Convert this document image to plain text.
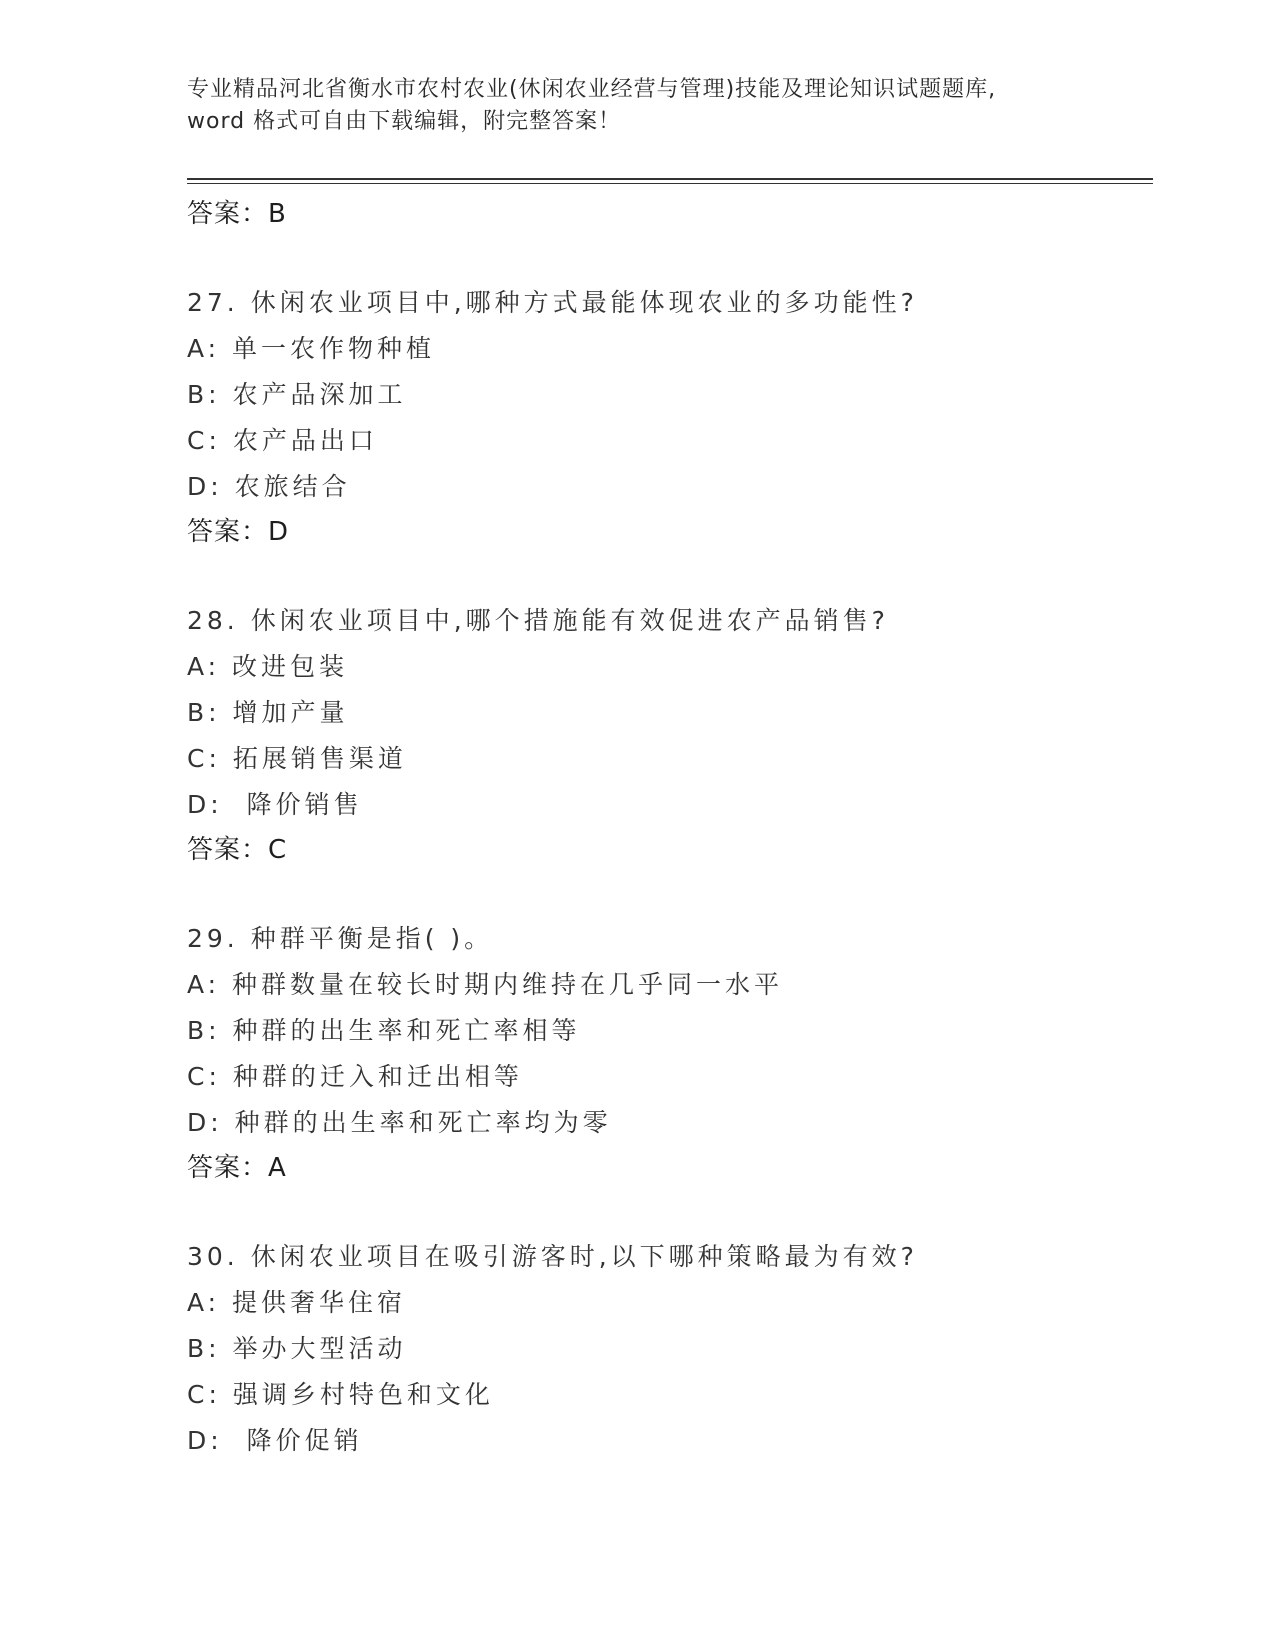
专业精品河北省衡水市农村农业(休闲农业经营与管理)技能及理论知识试题题库,
word 格式可自由下载编辑，附完整答案！
答案：B
27. 休闲农业项目中,哪种方式最能体现农业的多功能性?
A: 单一农作物种植
B: 农产品深加工
C: 农产品出口
D: 农旅结合
答案：D
28. 休闲农业项目中,哪个措施能有效促进农产品销售?
A: 改进包装
B: 增加产量
C: 拓展销售渠道
D:  降价销售
答案：C
29. 种群平衡是指( )。
A: 种群数量在较长时期内维持在几乎同一水平
B: 种群的出生率和死亡率相等
C: 种群的迁入和迁出相等
D: 种群的出生率和死亡率均为零
答案：A
30. 休闲农业项目在吸引游客时,以下哪种策略最为有效?
A: 提供奢华住宿
B: 举办大型活动
C: 强调乡村特色和文化
D:  降价促销
